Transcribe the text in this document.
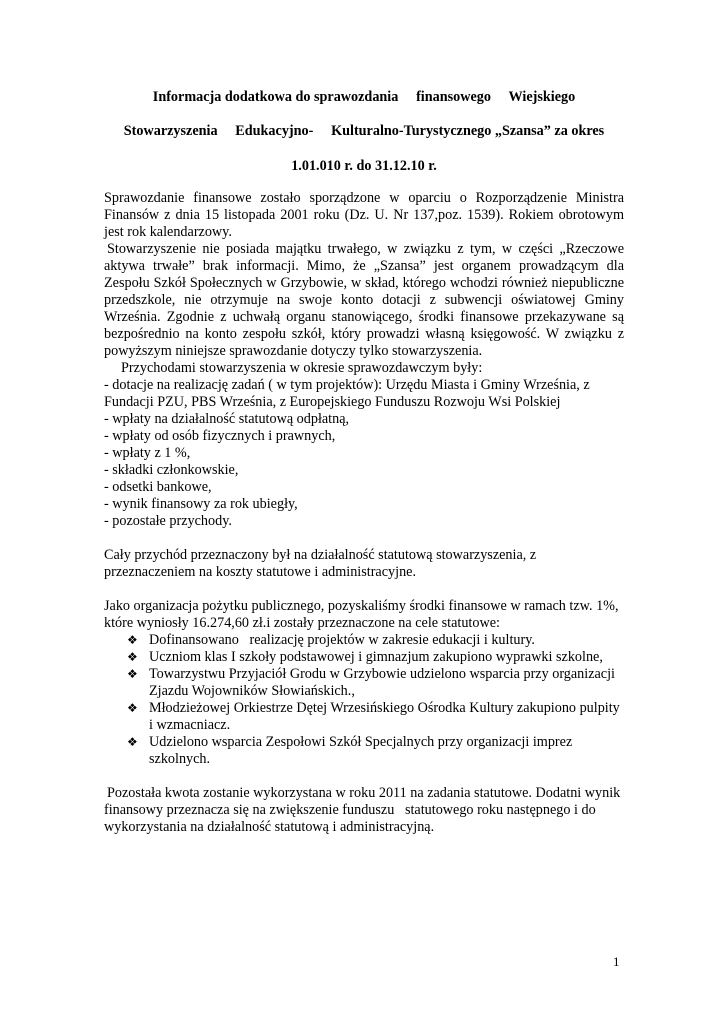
Informacja dodatkowa do sprawozdania     finansowego     Wiejskiego

Stowarzyszenia     Edukacyjno-     Kulturalno-Turystycznego „Szansa” za okres

1.01.010 r. do 31.12.10 r.

Sprawozdanie finansowe zostało sporządzone w oparciu o Rozporządzenie Ministra Finansów z dnia 15 listopada 2001 roku (Dz. U. Nr 137,poz. 1539). Rokiem obrotowym jest rok kalendarzowy.

Stowarzyszenie nie posiada majątku trwałego, w związku z tym, w części „Rzeczowe aktywa trwałe” brak informacji. Mimo, że „Szansa” jest organem prowadzącym dla Zespołu Szkół Społecznych w Grzybowie, w skład, którego wchodzi również niepubliczne przedszkole, nie otrzymuje na swoje konto dotacji z subwencji oświatowej Gminy Września. Zgodnie z uchwałą organu stanowiącego, środki finansowe przekazywane są bezpośrednio na konto zespołu szkół, który prowadzi własną księgowość. W związku z powyższym niniejsze sprawozdanie dotyczy tylko stowarzyszenia.

Przychodami stowarzyszenia w okresie sprawozdawczym były:

- dotacje na realizację zadań ( w tym projektów): Urzędu Miasta i Gminy Września, z Fundacji PZU, PBS Września, z Europejskiego Funduszu Rozwoju Wsi Polskiej
- wpłaty na działalność statutową odpłatną,
- wpłaty od osób fizycznych i prawnych,
- wpłaty z 1 %,
- składki członkowskie,
- odsetki bankowe,
- wynik finansowy za rok ubiegły,
- pozostałe przychody.

Cały przychód przeznaczony był na działalność statutową stowarzyszenia, z przeznaczeniem na koszty statutowe i administracyjne.

Jako organizacja pożytku publicznego, pozyskaliśmy środki finansowe w ramach tzw. 1%, które wyniosły 16.274,60 zł.i zostały przeznaczone na cele statutowe:

❖ Dofinansowano   realizację projektów w zakresie edukacji i kultury.
❖ Uczniom klas I szkoły podstawowej i gimnazjum zakupiono wyprawki szkolne,
❖ Towarzystwu Przyjaciół Grodu w Grzybowie udzielono wsparcia przy organizacji Zjazdu Wojowników Słowiańskich.,
❖ Młodzieżowej Orkiestrze Dętej Wrzesińskiego Ośrodka Kultury zakupiono pulpity i wzmacniacz.
❖ Udzielono wsparcia Zespołowi Szkół Specjalnych przy organizacji imprez szkolnych.

Pozostała kwota zostanie wykorzystana w roku 2011 na zadania statutowe. Dodatni wynik finansowy przeznacza się na zwiększenie funduszu   statutowego roku następnego i do wykorzystania na działalność statutową i administracyjną.

1
